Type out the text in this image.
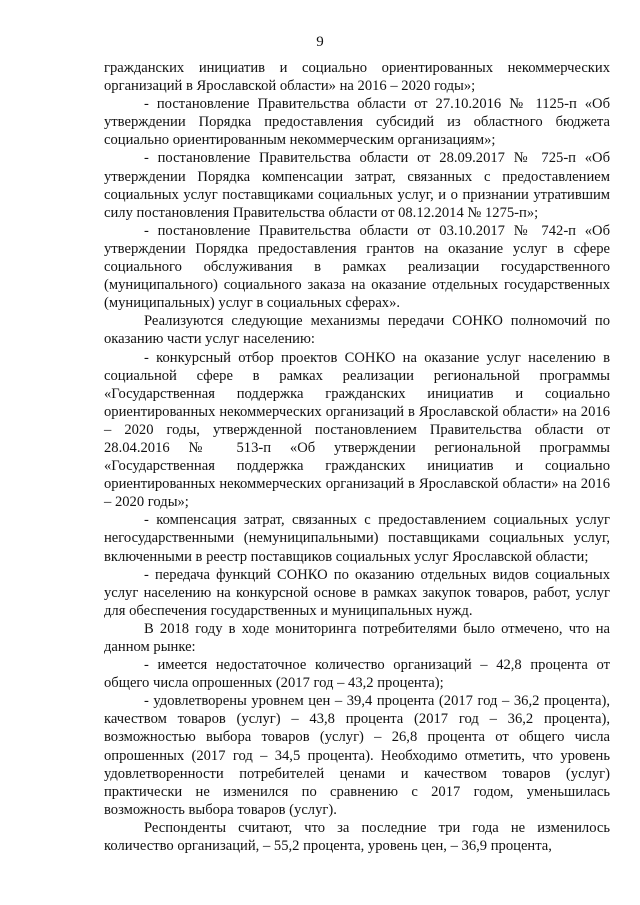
9

гражданских инициатив и социально ориентированных некоммерческих организаций в Ярославской области» на 2016 – 2020 годы»;

- постановление Правительства области от 27.10.2016 № 1125-п «Об утверждении Порядка предоставления субсидий из областного бюджета социально ориентированным некоммерческим организациям»;

- постановление Правительства области от 28.09.2017 № 725-п «Об утверждении Порядка компенсации затрат, связанных с предоставлением социальных услуг поставщиками социальных услуг, и о признании утратившим силу постановления Правительства области от 08.12.2014 № 1275-п»;

- постановление Правительства области от 03.10.2017 № 742-п «Об утверждении Порядка предоставления грантов на оказание услуг в сфере социального обслуживания в рамках реализации государственного (муниципального) социального заказа на оказание отдельных государственных (муниципальных) услуг в социальных сферах».

Реализуются следующие механизмы передачи СОНКО полномочий по оказанию части услуг населению:

- конкурсный отбор проектов СОНКО на оказание услуг населению в социальной сфере в рамках реализации региональной программы «Государственная поддержка гражданских инициатив и социально ориентированных некоммерческих организаций в Ярославской области» на 2016 – 2020 годы, утвержденной постановлением Правительства области от 28.04.2016 № 513-п «Об утверждении региональной программы «Государственная поддержка гражданских инициатив и социально ориентированных некоммерческих организаций в Ярославской области» на 2016 – 2020 годы»;

- компенсация затрат, связанных с предоставлением социальных услуг негосударственными (немуниципальными) поставщиками социальных услуг, включенными в реестр поставщиков социальных услуг Ярославской области;

- передача функций СОНКО по оказанию отдельных видов социальных услуг населению на конкурсной основе в рамках закупок товаров, работ, услуг для обеспечения государственных и муниципальных нужд.

В 2018 году в ходе мониторинга потребителями было отмечено, что на данном рынке:

- имеется недостаточное количество организаций – 42,8 процента от общего числа опрошенных (2017 год – 43,2 процента);

- удовлетворены уровнем цен – 39,4 процента (2017 год – 36,2 процента), качеством товаров (услуг) – 43,8 процента (2017 год – 36,2 процента), возможностью выбора товаров (услуг) – 26,8 процента от общего числа опрошенных (2017 год – 34,5 процента). Необходимо отметить, что уровень удовлетворенности потребителей ценами и качеством товаров (услуг) практически не изменился по сравнению с 2017 годом, уменьшилась возможность выбора товаров (услуг).

Респонденты считают, что за последние три года не изменилось количество организаций, – 55,2 процента, уровень цен, – 36,9 процента,
